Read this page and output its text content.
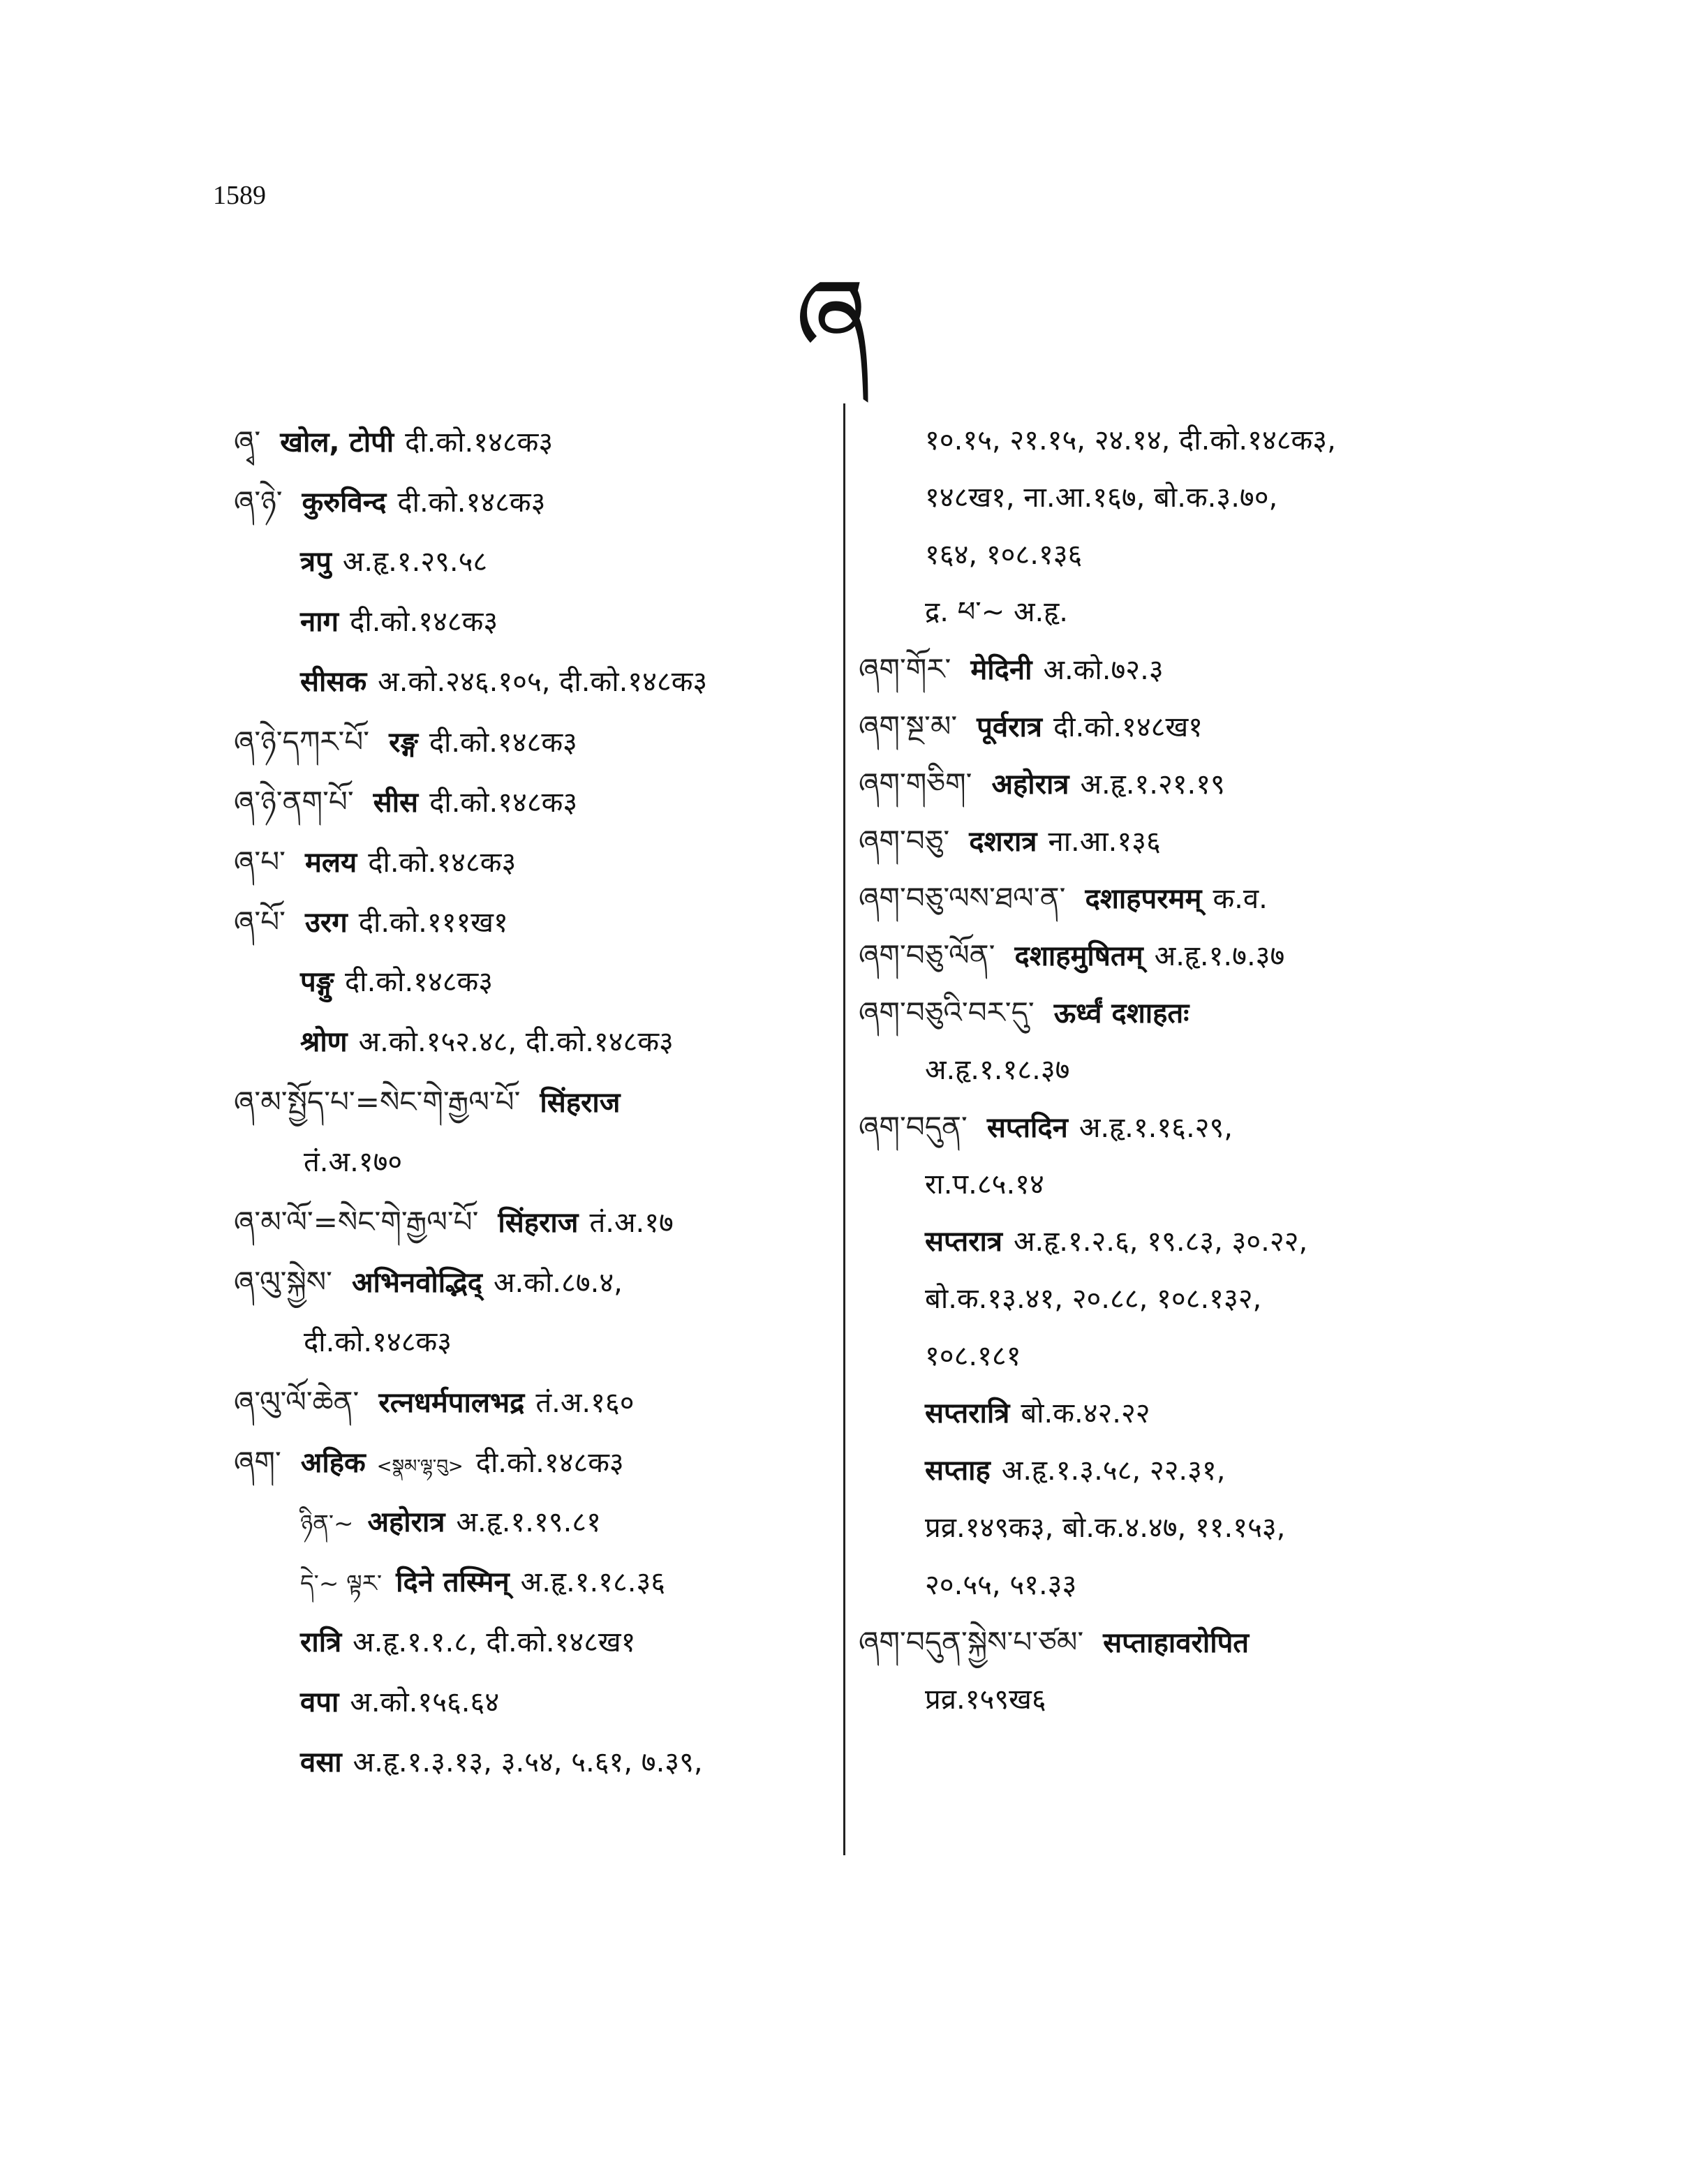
1589
ཞ
ཞྭ་ खोल, टोपी दी.को.१४८क३
ཞ་ཉེ་ कुरुविन्द दी.को.१४८क३
त्रपु अ.हृ.१.२९.५८
नाग दी.को.१४८क३
सीसक अ.को.२४६.१०५, दी.को.१४८क३
ཞ་ཉེ་དཀར་པོ་ रङ्ग दी.को.१४८क३
ཞ་ཉེ་ནག་པོ་ सीस दी.को.१४८क३
ཞ་པ་ मलय दी.को.१४८क३
ཞ་པོ་ उरग दी.को.१११ख१
पङ्गु दी.को.१४८क३
श्रोण अ.को.१५२.४८, दी.को.१४८क३
ཞ་མ་སྤྱོད་པ་=སེང་གེ་རྒྱལ་པོ་ सिंहराज
तं.अ.१७०
ཞ་མ་ལོ་=སེང་གེ་རྒྱལ་པོ་ सिंहराज तं.अ.१७
ཞ་ལུ་སྐྱེས་ अभिनवोद्भिद् अ.को.८७.४,
दी.को.१४८क३
ཞ་ལུ་ལོ་ཆེན་ रत्नधर्मपालभद्र तं.अ.१६०
ཞག་ अहिक <སྣམ་ལྷ་བུ> दी.को.१४८क३
ཉིན་~ अहोरात्र अ.हृ.१.१९.८१
དེ་~ ལྟར་ दिने तस्मिन् अ.हृ.१.१८.३६
रात्रि अ.हृ.१.१.८, दी.को.१४८ख१
वपा अ.को.१५६.६४
वसा अ.हृ.१.३.१३, ३.५४, ५.६१, ७.३९,
१०.१५, २१.१५, २४.१४, दी.को.१४८क३,
१४८ख१, ना.आ.१६७, बो.क.३.७०,
१६४, १०८.१३६
द्र. ཕ་~ अ.हृ.
ཞག་གོར་ मेदिनी अ.को.७२.३
ཞག་སྔ་མ་ पूर्वरात्र दी.को.१४८ख१
ཞག་གཅིག་ अहोरात्र अ.हृ.१.२१.१९
ཞག་བཅུ་ दशरात्र ना.आ.१३६
ཞག་བཅུ་ལས་ཐལ་ན་ दशाहपरमम् क.व.
ཞག་བཅུ་ལོན་ दशाहमुषितम् अ.हृ.१.७.३७
ཞག་བཅུའི་བར་དུ་ ऊर्ध्वं दशाहतः
अ.हृ.१.१८.३७
ཞག་བདུན་ सप्तदिन अ.हृ.१.१६.२९,
रा.प.८५.१४
सप्तरात्र अ.हृ.१.२.६, १९.८३, ३०.२२,
बो.क.१३.४१, २०.८८, १०८.१३२,
१०८.१८१
सप्तरात्रि बो.क.४२.२२
सप्ताह अ.हृ.१.३.५८, २२.३१,
प्रव्र.१४९क३, बो.क.४.४७, ११.१५३,
२०.५५, ५१.३३
ཞག་བདུན་སྐྱེས་པ་ཙམ་ सप्ताहावरोपित
प्रव्र.१५९ख६
